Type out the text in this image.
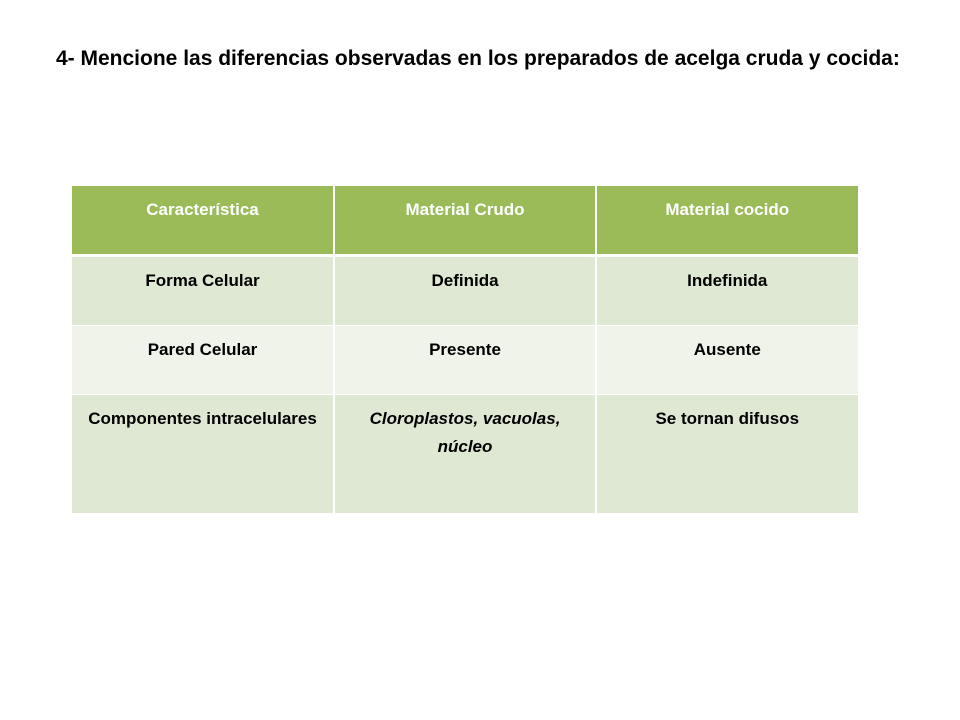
4- Mencione las diferencias observadas en los preparados de acelga cruda y cocida:

Característica	Material Crudo	Material cocido
Forma Celular	Definida	Indefinida
Pared Celular	Presente	Ausente
Componentes intracelulares	Cloroplastos, vacuolas, núcleo	Se tornan difusos
